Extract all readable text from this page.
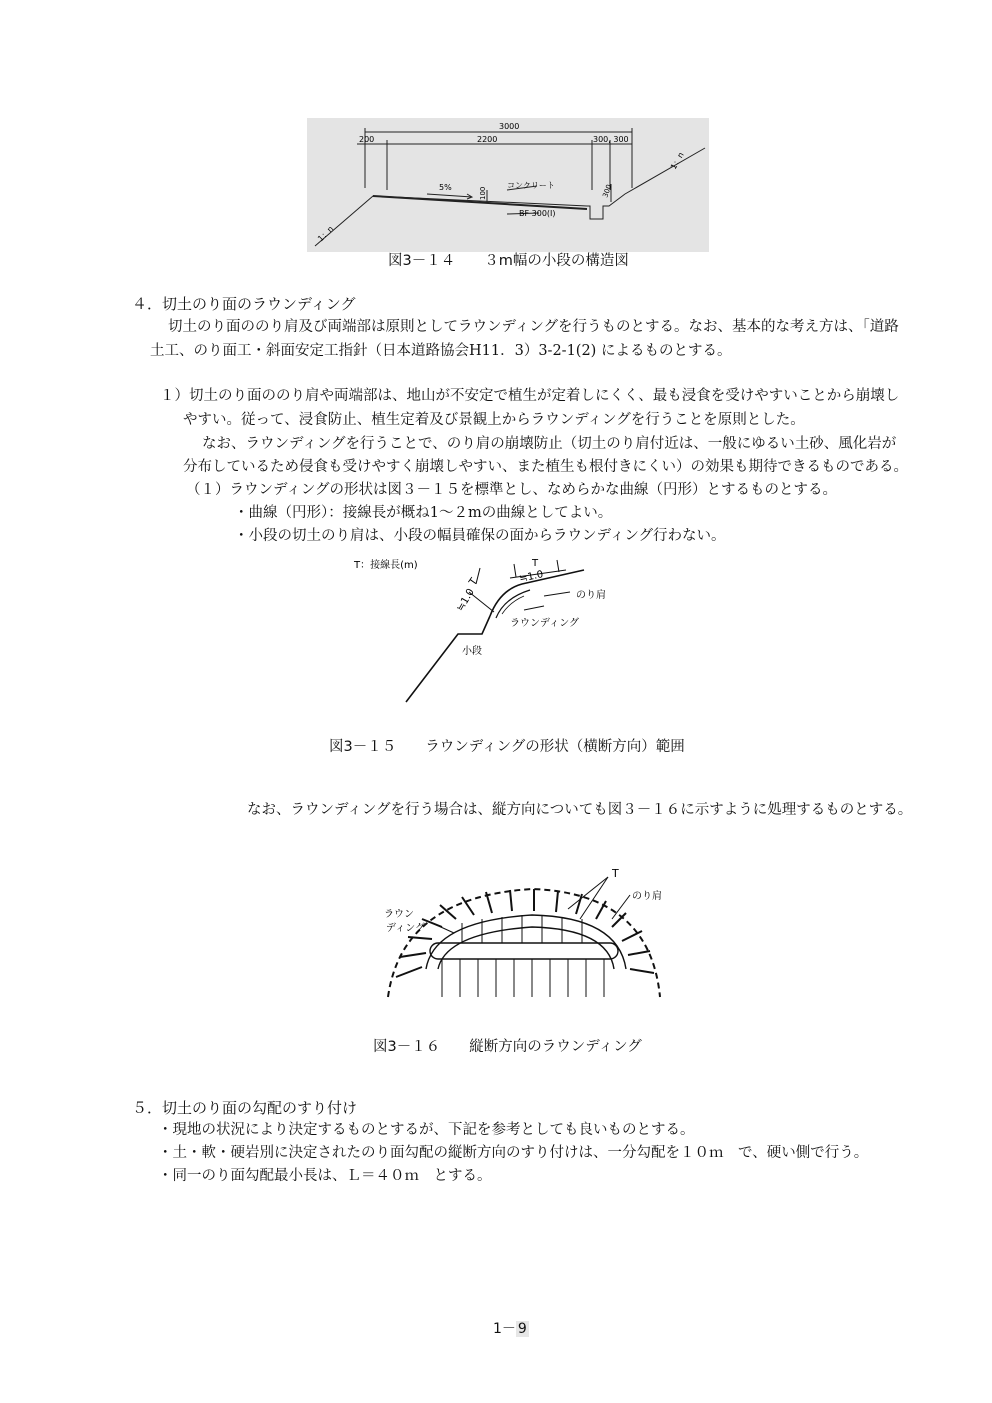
3000
200	2200	300, 300
5%	コンクリート
100
BF 300(I)
300
1：n
1：n
図3－１４　　３m幅の小段の構造図
４．切土のり面のラウンディング
切土のり面ののり肩及び両端部は原則としてラウンディングを行うものとする。なお、基本的な考え方は、「道路
土工、のり面工・斜面安定工指針（日本道路協会H11．3）3-2-1(2) によるものとする。
１）切土のり面ののり肩や両端部は、地山が不安定で植生が定着しにくく、最も浸食を受けやすいことから崩壊し
やすい。従って、浸食防止、植生定着及び景観上からラウンディングを行うことを原則とした。
なお、ラウンディングを行うことで、のり肩の崩壊防止（切土のり肩付近は、一般にゆるい土砂、風化岩が
分布しているため侵食も受けやすく崩壊しやすい、また植生も根付きにくい）の効果も期待できるものである。
（１）ラウンディングの形状は図３－１５を標準とし、なめらかな曲線（円形）とするものとする。
・曲線（円形）：接線長が概ね1～２mの曲線としてよい。
・小段の切土のり肩は、小段の幅員確保の面からラウンディング行わない。
T：接線長(m)	T
T	≒1.0
≒1.0	のり肩
ラウンディング
小段
図3－１５　　ラウンディングの形状（横断方向）範囲
なお、ラウンディングを行う場合は、縦方向についても図３－１６に示すように処理するものとする。
T
のり肩
ラウン
ディング
図3－１６　　縦断方向のラウンディング
５．切土のり面の勾配のすり付け
・現地の状況により決定するものとするが、下記を参考としても良いものとする。
・土・軟・硬岩別に決定されたのり面勾配の縦断方向のすり付けは、一分勾配を１０ｍ　で、硬い側で行う。
・同一のり面勾配最小長は、Ｌ＝４０ｍ　とする。
1－ 9
